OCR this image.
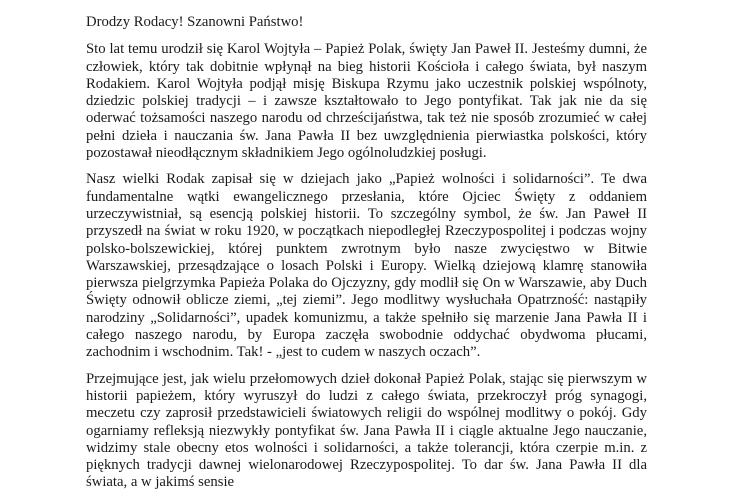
Drodzy Rodacy! Szanowni Państwo!

Sto lat temu urodził się Karol Wojtyła – Papież Polak, święty Jan Paweł II. Jesteśmy dumni, że człowiek, który tak dobitnie wpłynął na bieg historii Kościoła i całego świata, był naszym Rodakiem. Karol Wojtyła podjął misję Biskupa Rzymu jako uczestnik polskiej wspólnoty, dziedzic polskiej tradycji – i zawsze kształtowało to Jego pontyfikat. Tak jak nie da się oderwać tożsamości naszego narodu od chrześcijaństwa, tak też nie sposób zrozumieć w całej pełni dzieła i nauczania św. Jana Pawła II bez uwzględnienia pierwiastka polskości, który pozostawał nieodłącznym składnikiem Jego ogólnoludzkiej posługi.

Nasz wielki Rodak zapisał się w dziejach jako „Papież wolności i solidarności”. Te dwa fundamentalne wątki ewangelicznego przesłania, które Ojciec Święty z oddaniem urzeczywistniał, są esencją polskiej historii. To szczególny symbol, że św. Jan Paweł II przyszedł na świat w roku 1920, w początkach niepodległej Rzeczypospolitej i podczas wojny polsko-bolszewickiej, której punktem zwrotnym było nasze zwycięstwo w Bitwie Warszawskiej, przesądzające o losach Polski i Europy. Wielką dziejową klamrę stanowiła pierwsza pielgrzymka Papieża Polaka do Ojczyzny, gdy modlił się On w Warszawie, aby Duch Święty odnowił oblicze ziemi, „tej ziemi”. Jego modlitwy wysłuchała Opatrzność: nastąpiły narodziny „Solidarności”, upadek komunizmu, a także spełniło się marzenie Jana Pawła II i całego naszego narodu, by Europa zaczęła swobodnie oddychać obydwoma płucami, zachodnim i wschodnim. Tak! - „jest to cudem w naszych oczach”.

Przejmujące jest, jak wielu przełomowych dzieł dokonał Papież Polak, stając się pierwszym w historii papieżem, który wyruszył do ludzi z całego świata, przekroczył próg synagogi, meczetu czy zaprosił przedstawicieli światowych religii do wspólnej modlitwy o pokój. Gdy ogarniamy refleksją niezwykły pontyfikat św. Jana Pawła II i ciągle aktualne Jego nauczanie, widzimy stale obecny etos wolności i solidarności, a także tolerancji, która czerpie m.in. z pięknych tradycji dawnej wielonarodowej Rzeczypospolitej. To dar św. Jana Pawła II dla świata, a w jakimś sensie
